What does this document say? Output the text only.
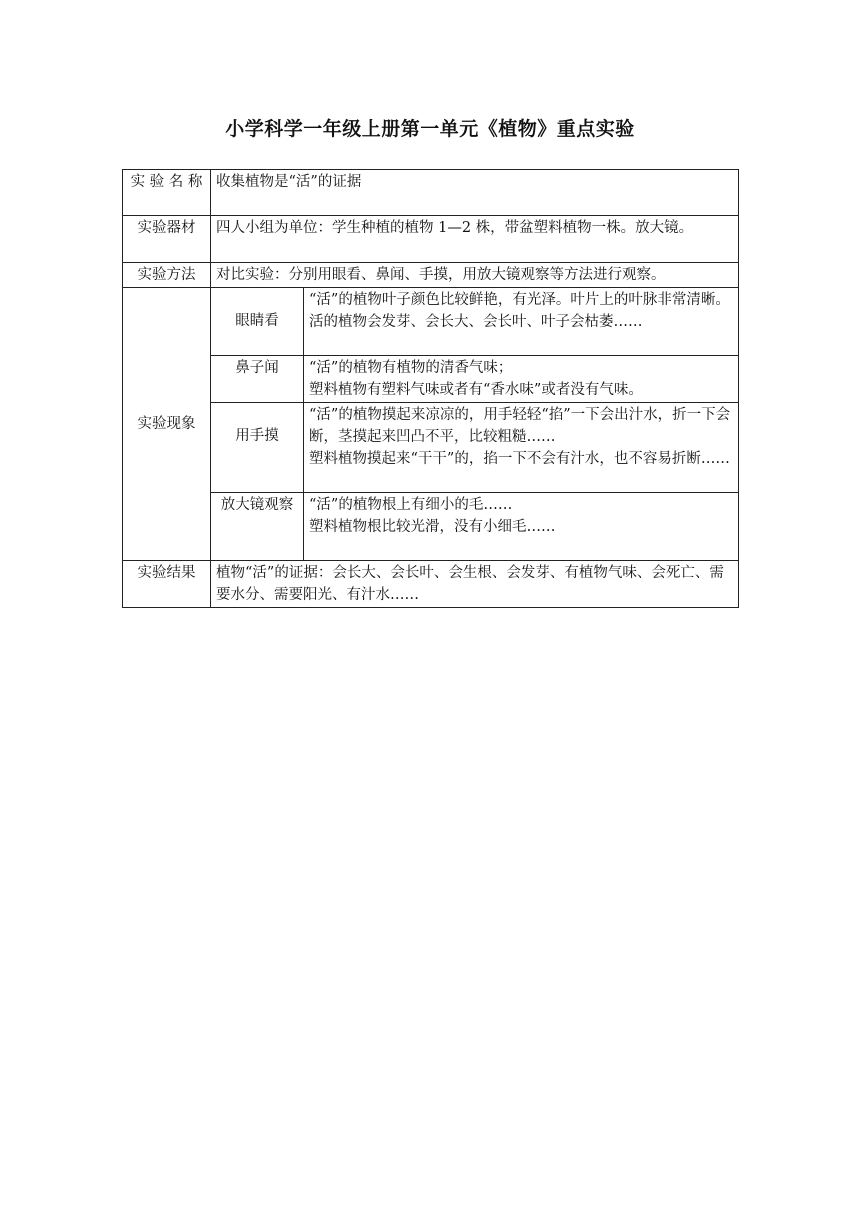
小学科学一年级上册第一单元《植物》重点实验
实 验 名 称	收集植物是“活”的证据	
实验器材	四人小组为单位：学生种植的植物 1—2 株，带盆塑料植物一株。放大镜。	
实验方法	对比实验：分别用眼看、鼻闻、手摸，用放大镜观察等方法进行观察。	
实验现象	眼睛看	“活”的植物叶子颜色比较鲜艳，有光泽。叶片上的叶脉非常清晰。活的植物会发芽、会长大、会长叶、叶子会枯萎……

	鼻子闻	“活”的植物有植物的清香气味；
塑料植物有塑料气味或者有“香水味”或者没有气味。

	用手摸	“活”的植物摸起来凉凉的，用手轻轻“掐”一下会出汁水，折一下会断，茎摸起来凹凸不平，比较粗糙……
塑料植物摸起来“干干”的，掐一下不会有汁水，也不容易折断……

	放大镜观察	“活”的植物根上有细小的毛……
塑料植物根比较光滑，没有小细毛……

实验结果	植物“活”的证据：会长大、会长叶、会生根、会发芽、有植物气味、会死亡、需要水分、需要阳光、有汁水……	
